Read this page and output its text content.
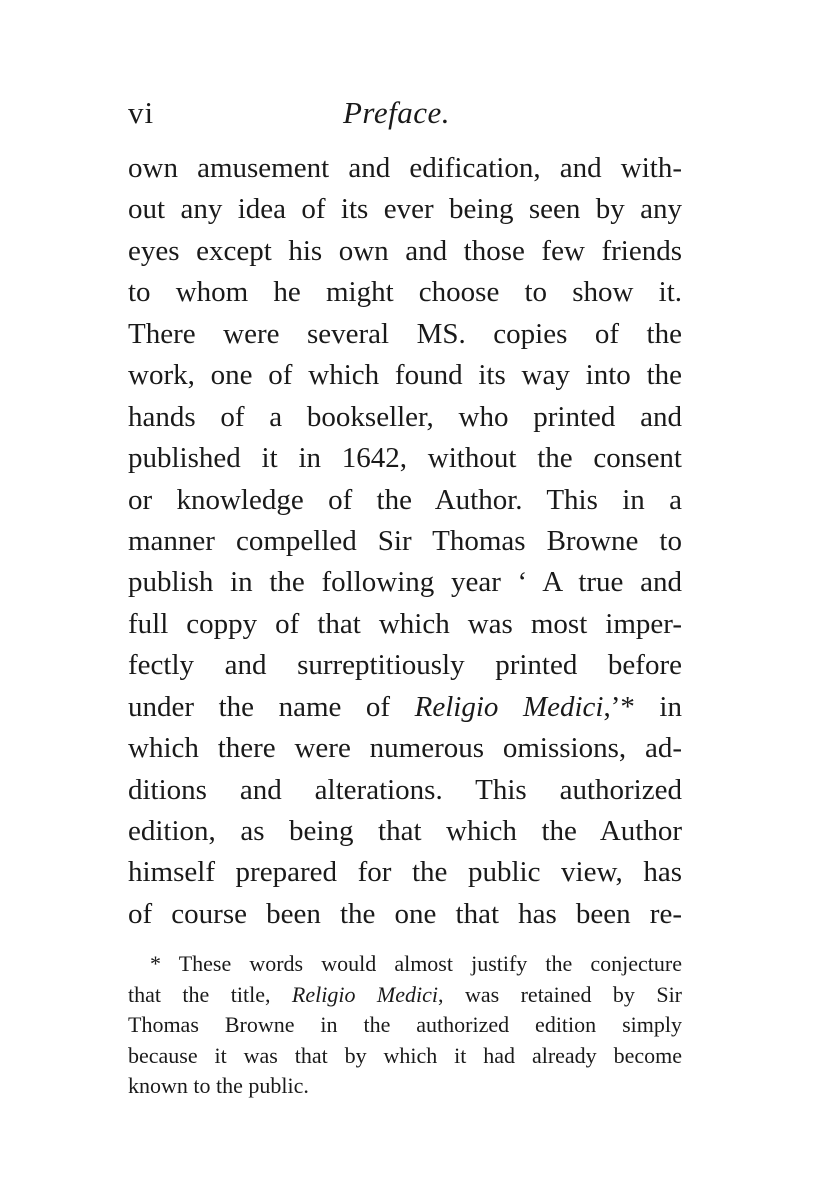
vi	Preface.
own amusement and edification, and with-
out any idea of its ever being seen by any
eyes except his own and those few friends
to whom he might choose to show it.
There were several MS. copies of the
work, one of which found its way into the
hands of a bookseller, who printed and
published it in 1642, without the consent
or knowledge of the Author. This in a
manner compelled Sir Thomas Browne to
publish in the following year ‘ A true and
full coppy of that which was most imper-
fectly and surreptitiously printed before
under the name of Religio Medici,’* in
which there were numerous omissions, ad-
ditions and alterations. This authorized
edition, as being that which the Author
himself prepared for the public view, has
of course been the one that has been re-
* These words would almost justify the conjecture
that the title, Religio Medici, was retained by Sir
Thomas Browne in the authorized edition simply
because it was that by which it had already become
known to the public.
